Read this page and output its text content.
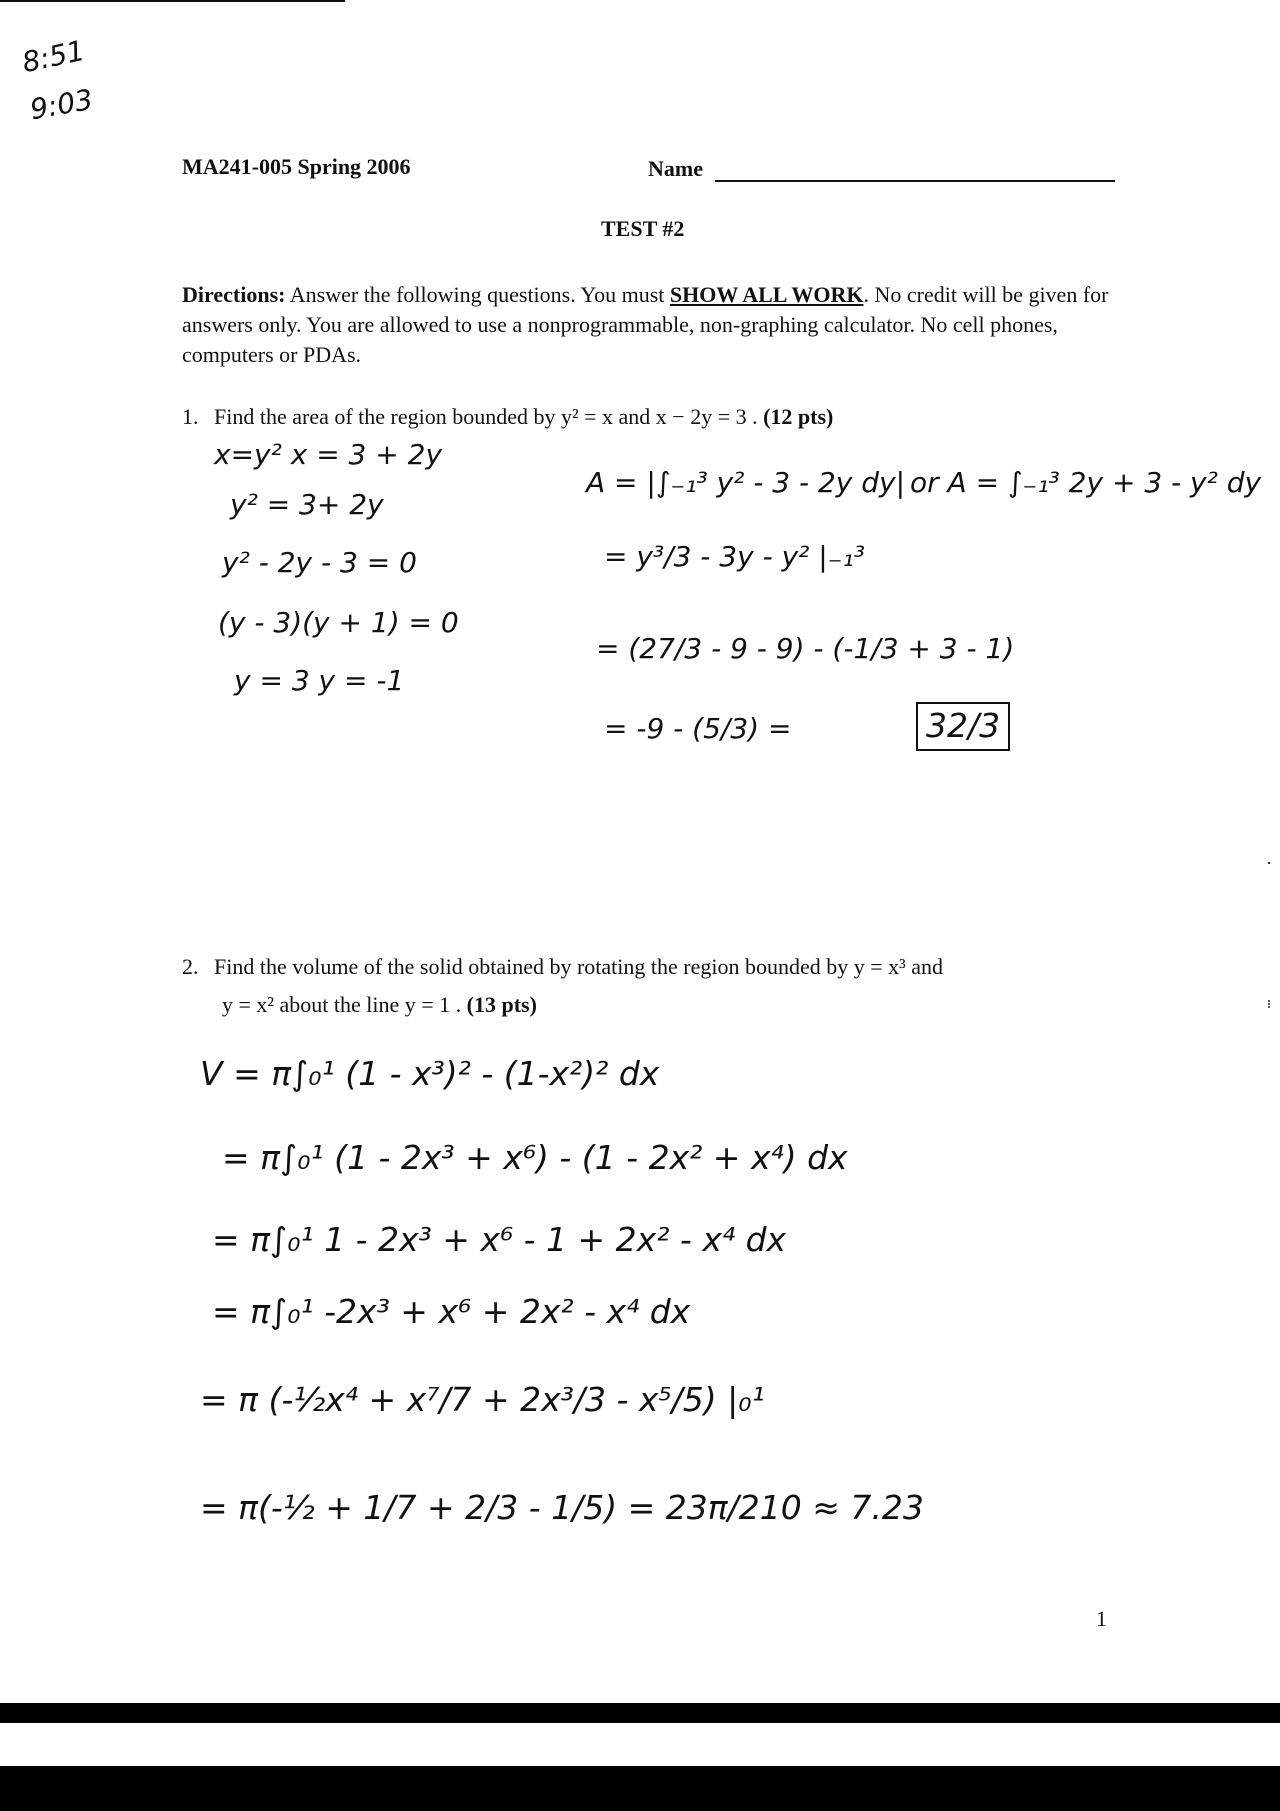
8:51
9:03
MA241-005 Spring 2006	Name
TEST #2
Directions: Answer the following questions. You must SHOW ALL WORK. No credit will be given for answers only. You are allowed to use a nonprogrammable, non-graphing calculator. No cell phones, computers or PDAs.
1. Find the area of the region bounded by y² = x and x − 2y = 3 . (12 pts)
x=y² x = 3 + 2y
y² = 3+ 2y
y² - 2y - 3 = 0
(y - 3)(y + 1) = 0
y = 3 y = -1
A = |∫₋₁³ y² - 3 - 2y dy| or A = ∫₋₁³ 2y + 3 - y² dy
= y³/3 - 3y - y² |₋₁³
= (27/3 - 9 - 9) - (-1/3 + 3 - 1)
= -9 - (5/3) =	32/3
2. Find the volume of the solid obtained by rotating the region bounded by y = x³ and
y = x² about the line y = 1 . (13 pts)
V = π∫₀¹ (1 - x³)² - (1-x²)² dx
= π∫₀¹ (1 - 2x³ + x⁶) - (1 - 2x² + x⁴) dx
= π∫₀¹ 1 - 2x³ + x⁶ - 1 + 2x² - x⁴ dx
= π∫₀¹ -2x³ + x⁶ + 2x² - x⁴ dx
= π (-½x⁴ + x⁷/7 + 2x³/3 - x⁵/5) |₀¹
= π(-½ + 1/7 + 2/3 - 1/5) = 23π/210 ≈ 7.23
1
